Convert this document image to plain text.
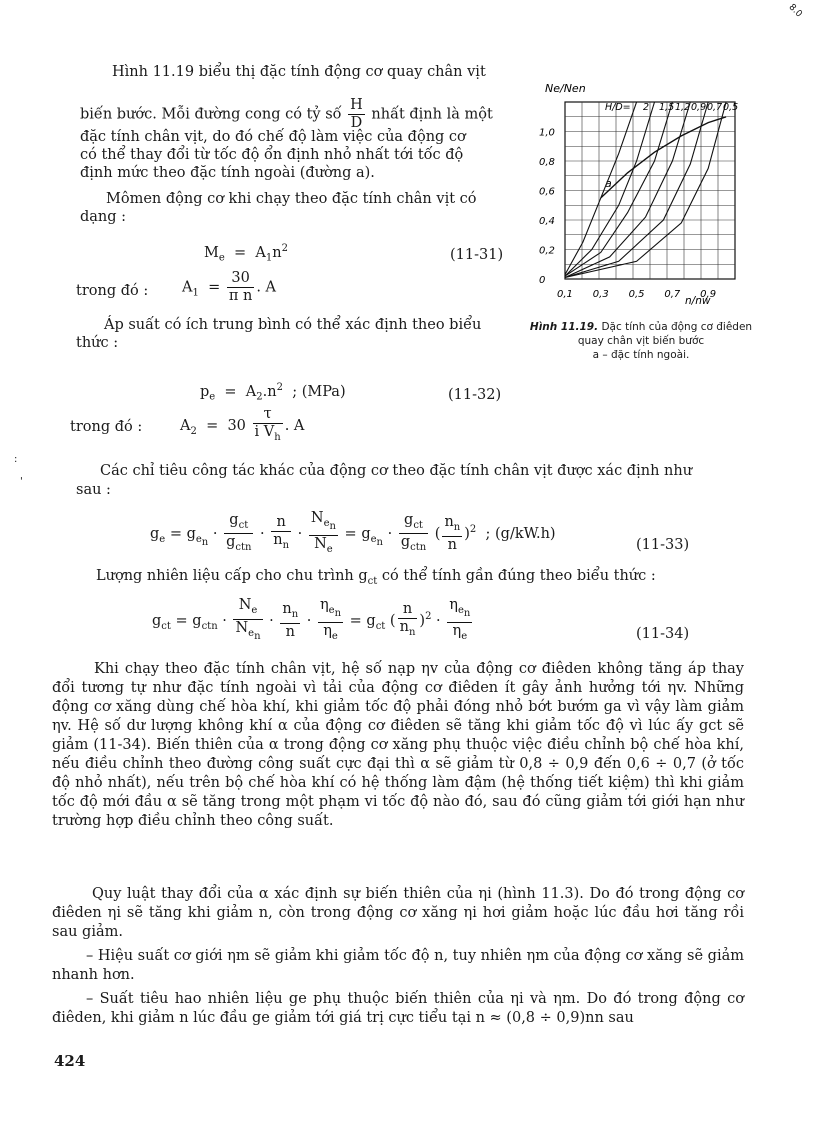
8.0
:
'
Hình 11.19 biểu thị đặc tính động cơ quay chân vịt
biến bước. Mỗi đường cong có tỷ số $\frac{H}{D}$ nhất định là một
đặc tính chân vịt, do đó chế độ làm việc của động cơ
có thể thay đổi từ tốc độ ổn định nhỏ nhất tới tốc độ
định mức theo đặc tính ngoài (đường a).
Mômen động cơ khi chạy theo đặc tính chân vịt có
dạng :
$M_e = A_1n^2$	(11-31)
trong đó : $A_1 = \frac{30}{\text{π n}}$ . A
Áp suất có ích trung bình có thể xác định theo biểu
thức :
$p_e = A_2.n^2$ ; (MPa)	(11-32)
trong đó :	$A_2 = 30 \frac{\tau}{i V_h}$ . A
Các chỉ tiêu công tác khác của động cơ theo đặc tính chân vịt được xác định như
sau :
$g_e = g_{e_n} \cdot \frac{g_{ct}}{g_{ctn}} \cdot \frac{n}{n_n} \cdot \frac{N_{e_n}}{N_e} = g_{e_n} \cdot \frac{g_{ct}}{g_{ctn}}$ ( $\frac{n_n}{n} )^2$ ; (g/kW.h)
(11-33)
Lượng nhiên liệu cấp cho chu trình $g_{ct}$ có thể tính gần đúng theo biểu thức :
$g_{ct} = g_{ctn} \cdot \frac{N_e}{N_{e_n}} \cdot \frac{n_n}{n} \cdot \frac{\eta_{e_n}}{\eta_e} = g_{ct}$ ( $\frac{n}{n_n} )^2 \cdot \frac{\eta_{e_n}}{\eta_e}$	(11-34)
Khi chạy theo đặc tính chân vịt, hệ số nạp ηv của động cơ điêden không tăng áp thay đổi tương tự như đặc tính ngoài vì tải của động cơ điêden ít gây ảnh hưởng tới ηv. Những động cơ xăng dùng chế hòa khí, khi giảm tốc độ phải đóng nhỏ bớt bướm ga vì vậy làm giảm ηv. Hệ số dư lượng không khí α của động cơ điêden sẽ tăng khi giảm tốc độ vì lúc ấy gct sẽ giảm (11-34). Biến thiên của α trong động cơ xăng phụ thuộc việc điều chỉnh bộ chế hòa khí, nếu điều chỉnh theo đường công suất cực đại thì α sẽ giảm từ 0,8 ÷ 0,9 đến 0,6 ÷ 0,7 (ở tốc độ nhỏ nhất), nếu trên bộ chế hòa khí có hệ thống làm đậm (hệ thống tiết kiệm) thì khi giảm tốc độ mới đầu α sẽ tăng trong một phạm vi tốc độ nào đó, sau đó cũng giảm tới giới hạn như trường hợp điều chỉnh theo công suất.
Quy luật thay đổi của α xác định sự biến thiên của ηi (hình 11.3). Do đó trong động cơ điêden ηi sẽ tăng khi giảm n, còn trong động cơ xăng ηi hơi giảm hoặc lúc đầu hơi tăng rồi sau giảm.
– Hiệu suất cơ giới ηm sẽ giảm khi giảm tốc độ n, tuy nhiên ηm của động cơ xăng sẽ giảm nhanh hơn.
– Suất tiêu hao nhiên liệu ge phụ thuộc biến thiên của ηi và ηm. Do đó trong động cơ điêden, khi giảm n lúc đầu ge giảm tới giá trị cực tiểu tại n ≈ (0,8 ÷ 0,9)nn sau
424
Ne/Nen
n/nw
H/D=
a
2 1,5 1,2 0,9 0,7 0,5
0
0,2
0,4
0,6
0,8
1,0
0,1 0,3 0,5 0,7 0,9
Hình 11.19. Dặc tính của động cơ điêden quay chân vịt biến bước
a – đặc tính ngoài.
